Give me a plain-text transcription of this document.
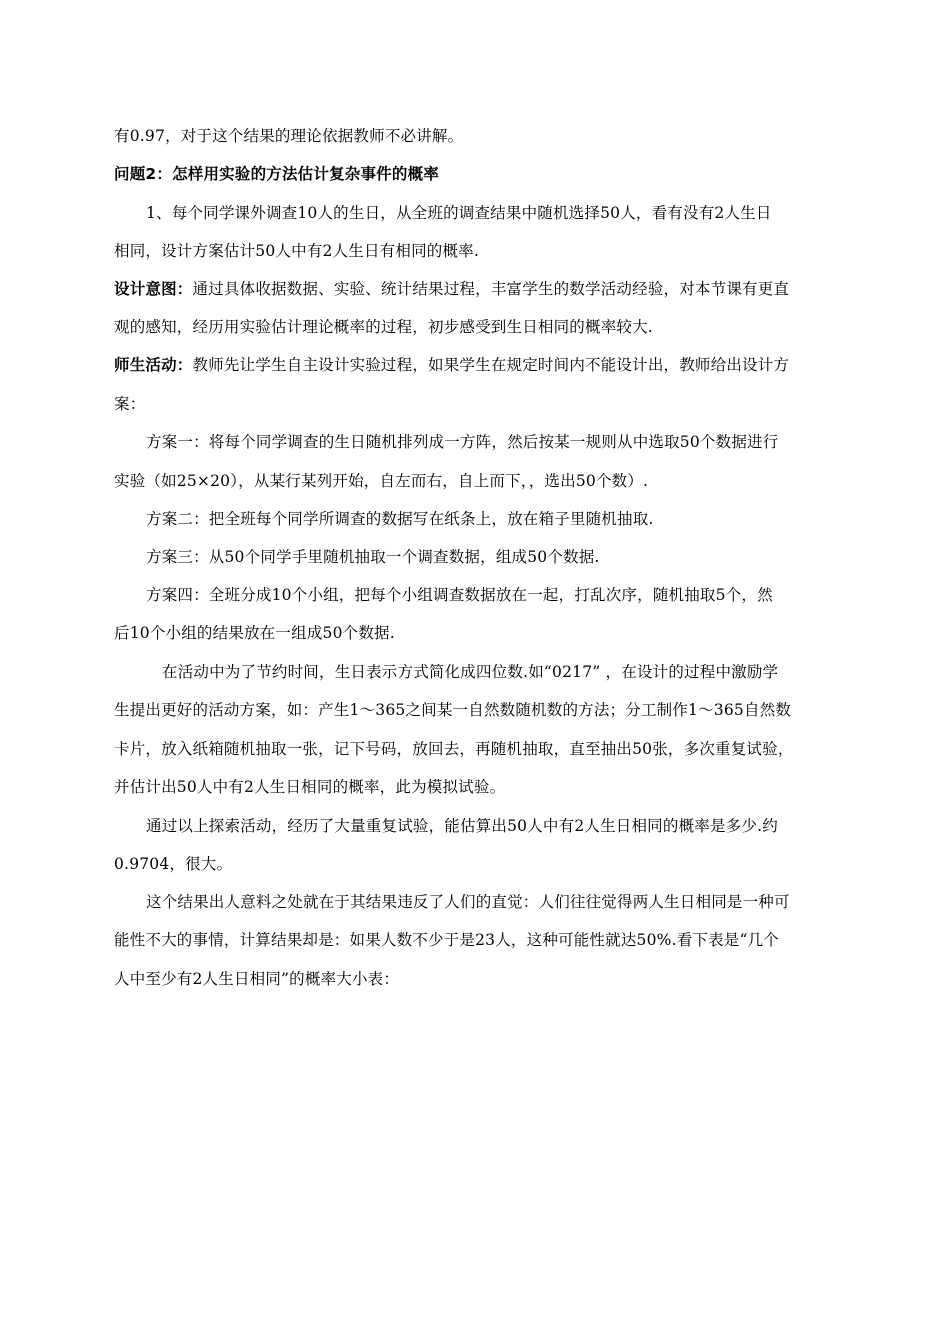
有0.97，对于这个结果的理论依据教师不必讲解。
问题2：怎样用实验的方法估计复杂事件的概率
1、每个同学课外调查10人的生日，从全班的调查结果中随机选择50人，看有没有2人生日
相同，设计方案估计50人中有2人生日有相同的概率.
设计意图：通过具体收据数据、实验、统计结果过程，丰富学生的数学活动经验，对本节课有更直
观的感知，经历用实验估计理论概率的过程，初步感受到生日相同的概率较大.
师生活动：教师先让学生自主设计实验过程，如果学生在规定时间内不能设计出，教师给出设计方
案：
方案一：将每个同学调查的生日随机排列成一方阵，然后按某一规则从中选取50个数据进行
实验（如25×20），从某行某列开始，自左而右，自上而下，，选出50个数）.
方案二：把全班每个同学所调查的数据写在纸条上，放在箱子里随机抽取.
方案三：从50个同学手里随机抽取一个调查数据，组成50个数据.
方案四：全班分成10个小组，把每个小组调查数据放在一起，打乱次序，随机抽取5个，然
后10个小组的结果放在一组成50个数据.
在活动中为了节约时间，生日表示方式简化成四位数.如“0217” ，在设计的过程中激励学
生提出更好的活动方案，如：产生1～365之间某一自然数随机数的方法；分工制作1～365自然数
卡片，放入纸箱随机抽取一张，记下号码，放回去，再随机抽取，直至抽出50张，多次重复试验，
并估计出50人中有2人生日相同的概率，此为模拟试验。
通过以上探索活动，经历了大量重复试验，能估算出50人中有2人生日相同的概率是多少.约
0.9704，很大。
这个结果出人意料之处就在于其结果违反了人们的直觉：人们往往觉得两人生日相同是一种可
能性不大的事情，计算结果却是：如果人数不少于是23人，这种可能性就达50%.看下表是“几个
人中至少有2人生日相同”的概率大小表：
